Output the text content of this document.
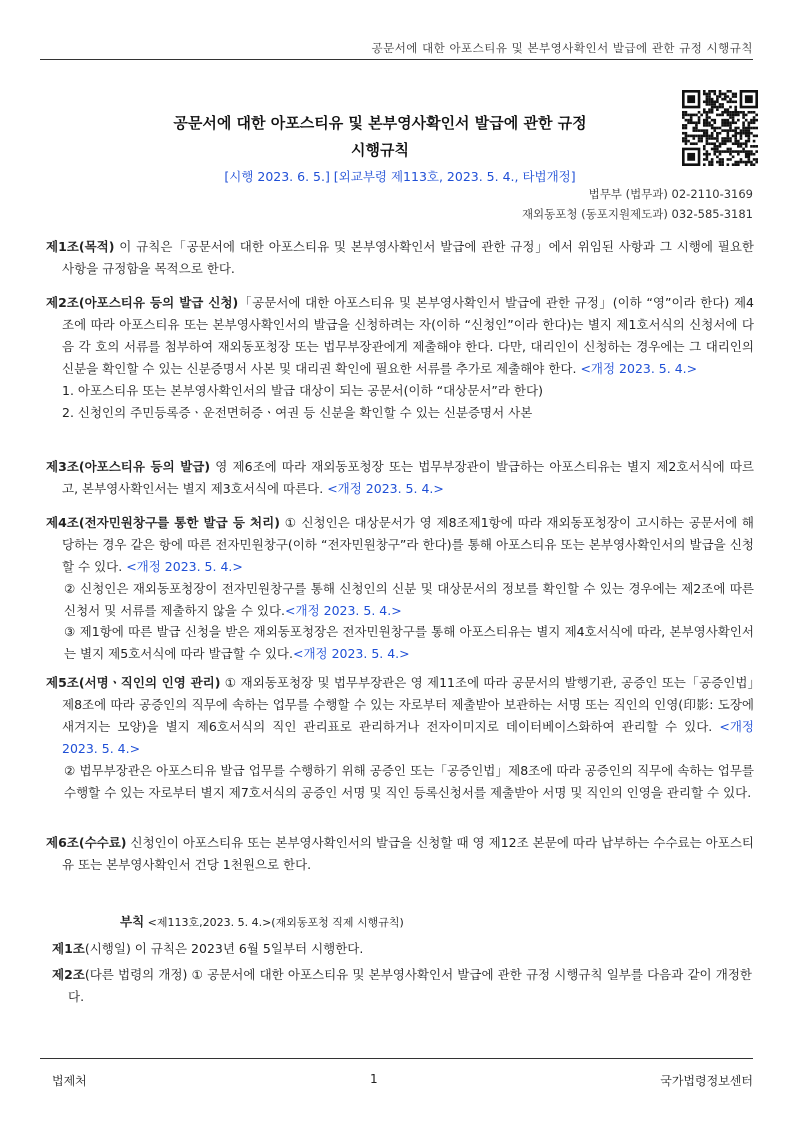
공문서에 대한 아포스티유 및 본부영사확인서 발급에 관한 규정 시행규칙
공문서에 대한 아포스티유 및 본부영사확인서 발급에 관한 규정
시행규칙
[시행 2023. 6. 5.] [외교부령 제113호, 2023. 5. 4., 타법개정]
법무부 (법무과) 02-2110-3169
재외동포청 (동포지원제도과) 032-585-3181

제1조(목적) 이 규칙은「공문서에 대한 아포스티유 및 본부영사확인서 발급에 관한 규정」에서 위임된 사항과 그 시행에 필요한 사항을 규정함을 목적으로 한다.

제2조(아포스티유 등의 발급 신청)「공문서에 대한 아포스티유 및 본부영사확인서 발급에 관한 규정」(이하 “영”이라 한다) 제4조에 따라 아포스티유 또는 본부영사확인서의 발급을 신청하려는 자(이하 “신청인”이라 한다)는 별지 제1호서식의 신청서에 다음 각 호의 서류를 첨부하여 재외동포청장 또는 법무부장관에게 제출해야 한다. 다만, 대리인이 신청하는 경우에는 그 대리인의 신분을 확인할 수 있는 신분증명서 사본 및 대리권 확인에 필요한 서류를 추가로 제출해야 한다. <개정 2023. 5. 4.>

1. 아포스티유 또는 본부영사확인서의 발급 대상이 되는 공문서(이하 “대상문서”라 한다)

2. 신청인의 주민등록증ㆍ운전면허증ㆍ여권 등 신분을 확인할 수 있는 신분증명서 사본

제3조(아포스티유 등의 발급) 영 제6조에 따라 재외동포청장 또는 법무부장관이 발급하는 아포스티유는 별지 제2호서식에 따르고, 본부영사확인서는 별지 제3호서식에 따른다. <개정 2023. 5. 4.>

제4조(전자민원창구를 통한 발급 등 처리) ① 신청인은 대상문서가 영 제8조제1항에 따라 재외동포청장이 고시하는 공문서에 해당하는 경우 같은 항에 따른 전자민원창구(이하 “전자민원창구”라 한다)를 통해 아포스티유 또는 본부영사확인서의 발급을 신청할 수 있다. <개정 2023. 5. 4.>

② 신청인은 재외동포청장이 전자민원창구를 통해 신청인의 신분 및 대상문서의 정보를 확인할 수 있는 경우에는 제2조에 따른 신청서 및 서류를 제출하지 않을 수 있다.<개정 2023. 5. 4.>

③ 제1항에 따른 발급 신청을 받은 재외동포청장은 전자민원창구를 통해 아포스티유는 별지 제4호서식에 따라, 본부영사확인서는 별지 제5호서식에 따라 발급할 수 있다.<개정 2023. 5. 4.>

제5조(서명ㆍ직인의 인영 관리) ① 재외동포청장 및 법무부장관은 영 제11조에 따라 공문서의 발행기관, 공증인 또는「공증인법」제8조에 따라 공증인의 직무에 속하는 업무를 수행할 수 있는 자로부터 제출받아 보관하는 서명 또는 직인의 인영(印影: 도장에 새겨지는 모양)을 별지 제6호서식의 직인 관리표로 관리하거나 전자이미지로 데이터베이스화하여 관리할 수 있다. <개정 2023. 5. 4.>

② 법무부장관은 아포스티유 발급 업무를 수행하기 위해 공증인 또는「공증인법」제8조에 따라 공증인의 직무에 속하는 업무를 수행할 수 있는 자로부터 별지 제7호서식의 공증인 서명 및 직인 등록신청서를 제출받아 서명 및 직인의 인영을 관리할 수 있다.

제6조(수수료) 신청인이 아포스티유 또는 본부영사확인서의 발급을 신청할 때 영 제12조 본문에 따라 납부하는 수수료는 아포스티유 또는 본부영사확인서 건당 1천원으로 한다.

부칙 <제113호,2023. 5. 4.>(재외동포청 직제 시행규칙)

제1조(시행일) 이 규칙은 2023년 6월 5일부터 시행한다.

제2조(다른 법령의 개정) ① 공문서에 대한 아포스티유 및 본부영사확인서 발급에 관한 규정 시행규칙 일부를 다음과 같이 개정한다.

법제처	1	국가법령정보센터
